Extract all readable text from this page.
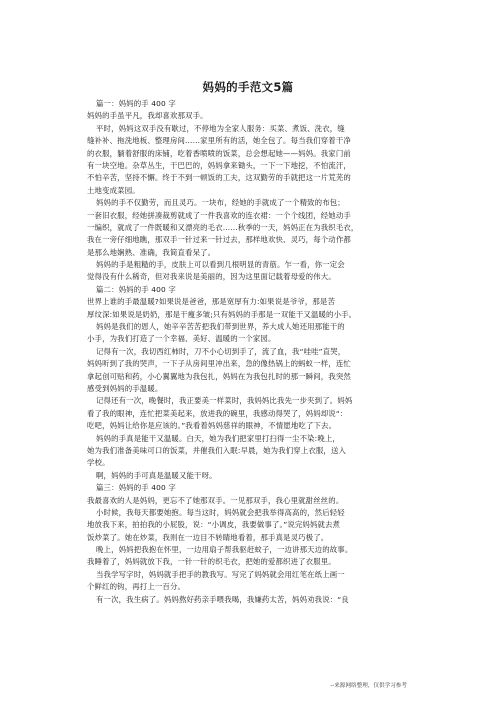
妈妈的手范文5篇
篇一：妈妈的手 400 字
妈妈的手虽平凡，我却喜欢那双手。
平时，妈妈这双手没有歇过，不停地为全家人服务：买菜、煮饭、洗衣，缝
缝补补、拖洗地板、整理房间……家里所有的活，她全包了。每当我们穿着干净
的衣服，躺着舒服的床铺，吃着香喷喷的饭菜，总会想起她——妈妈。我家门前
有一块空地。杂草丛生，干巴巴的，妈妈拿来锄头，一下一下地挖，不怕流汗，
不怕辛苦，坚持不懈。终于不到一顿饭的工夫，这双勤劳的手就把这一片荒芜的
土地变成菜园。
妈妈的手不仅勤劳，而且灵巧。一块布，经她的手就成了一个精致的布包；
一套旧衣服，经她拼凑裁剪就成了一件我喜欢的连衣裙：一个个线团，经她动手
一编织，就成了一件既暖和又漂亮的毛衣……秋季的一天，妈妈正在为我织毛衣，
我在一旁仔细地瞧，那双手一针过来一针过去，那样地欢快、灵巧，每个动作都
是那么地娴熟、准确，我简直看呆了。
妈妈的手是粗糙的手，皮肤上可以看到几根明显的青筋。乍一看，你一定会
觉得没有什么稀奇，但对我来说是美丽的，因为这里面记载着母爱的伟大。
篇二：妈妈的手 400 字
世界上谁的手最温暖?如果说是爸爸，那是宽厚有力:如果说是爷爷，那是苦
厚纹深:如果说是奶奶，那是干瘦多皱;只有妈妈的手那是一双能干又温暖的小手。
妈妈是我们的恩人，她辛辛苦苦把我们带到世界，养大成人她还用那能干的
小手，为我们打造了一个幸福、美好、温暖的一个家园。
记得有一次，我切西红柿时，刀不小心切到手了，流了血，我“哇哇”直哭，
妈妈听到了我的哭声，一下子从房间里冲出来，急的像热锅上的蚂蚁一样，连忙
拿起创可贴和药，小心翼翼地为我包扎，妈妈在为我包扎时的那一瞬间，我突然
感受到妈妈的手温暖。
记得还有一次，晚餐时，我正要美一样菜时，我妈妈比我先一步夹到了。妈妈
看了我的眼神，连忙把菜美起来，放进我的碗里，我感动得哭了，妈妈却说“：
吃吧，妈妈让给你是应该的。”我看着妈妈慈祥的眼神，不情愿地吃了下去。
妈妈的手真是能干又温暖。白天，她为我们把家里打扫得一尘不染:晚上，
她为我们准备美味可口的饭菜，并催我们入眠:早晨，她为我们穿上衣服，送入
学校。
啊，妈妈的手可真是温暖又能干呀。
篇三：妈妈的手 400 字
我最喜欢的人是妈妈，更忘不了她那双手。一见那双手，我心里就甜丝丝的。
小时候，我每天都要她抱。每当这时，妈妈就会把我举得高高的，然后轻轻
地放我下来，拍拍我的小屁股，说：“小调皮，我要做事了。”说完妈妈就去煮
饭炒菜了。她在炒菜，我则在一边目不转睛地看着，那手真是灵巧极了。
晚上，妈妈把我抱在怀里，一边用扇子帮我驱赶蚊子，一边讲那天边的故事。
我睡着了，妈妈就放下我，一针一针的织毛衣，把她的爱都织进了衣服里。
当我学写字时，妈妈就手把手的教我写。写完了妈妈就会用红笔在纸上画一
个鲜红的钩，再打上一百分。
有一次，我生病了。妈妈熬好药亲手喂我喝，我嫌药太苦，妈妈劝我说：“良
--来源网络整理，仅供学习参考
